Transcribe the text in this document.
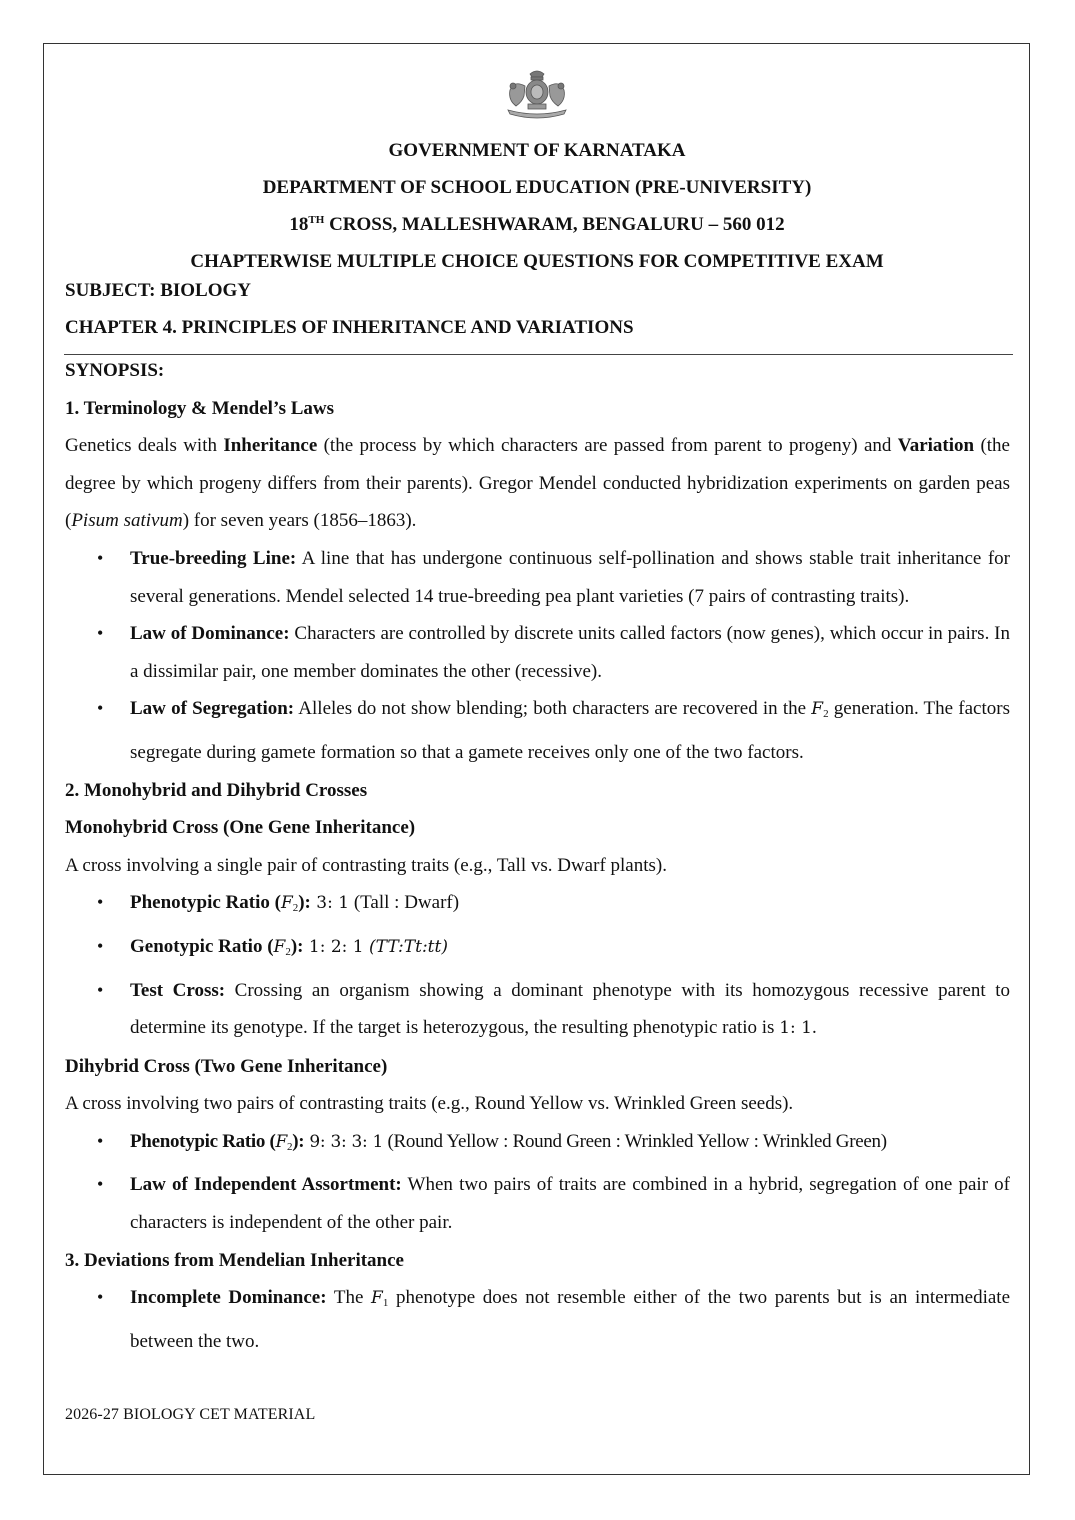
GOVERNMENT OF KARNATAKA
DEPARTMENT OF SCHOOL EDUCATION (PRE-UNIVERSITY)
18TH CROSS, MALLESHWARAM, BENGALURU – 560 012
CHAPTERWISE MULTIPLE CHOICE QUESTIONS FOR COMPETITIVE EXAM
SUBJECT: BIOLOGY
CHAPTER 4. PRINCIPLES OF INHERITANCE AND VARIATIONS

SYNOPSIS:

1. Terminology & Mendel’s Laws

Genetics deals with Inheritance (the process by which characters are passed from parent to progeny) and Variation (the degree by which progeny differs from their parents). Gregor Mendel conducted hybridization experiments on garden peas (Pisum sativum) for seven years (1856–1863).

• True-breeding Line: A line that has undergone continuous self-pollination and shows stable trait inheritance for several generations. Mendel selected 14 true-breeding pea plant varieties (7 pairs of contrasting traits).
• Law of Dominance: Characters are controlled by discrete units called factors (now genes), which occur in pairs. In a dissimilar pair, one member dominates the other (recessive).
• Law of Segregation: Alleles do not show blending; both characters are recovered in the $F_2$ generation. The factors segregate during gamete formation so that a gamete receives only one of the two factors.

2. Monohybrid and Dihybrid Crosses

Monohybrid Cross (One Gene Inheritance)

A cross involving a single pair of contrasting traits (e.g., Tall vs. Dwarf plants).

• Phenotypic Ratio $(F_2)$: 3: 1 (Tall : Dwarf)
• Genotypic Ratio $(F_2)$: 1: 2: 1 (TT:Tt:tt)
• Test Cross: Crossing an organism showing a dominant phenotype with its homozygous recessive parent to determine its genotype. If the target is heterozygous, the resulting phenotypic ratio is 1: 1.

Dihybrid Cross (Two Gene Inheritance)

A cross involving two pairs of contrasting traits (e.g., Round Yellow vs. Wrinkled Green seeds).

• Phenotypic Ratio $(F_2)$: 9: 3: 3: 1 (Round Yellow : Round Green : Wrinkled Yellow : Wrinkled Green)
• Law of Independent Assortment: When two pairs of traits are combined in a hybrid, segregation of one pair of characters is independent of the other pair.

3. Deviations from Mendelian Inheritance

• Incomplete Dominance: The $F_1$ phenotype does not resemble either of the two parents but is an intermediate between the two.
2026-27 BIOLOGY CET MATERIAL
